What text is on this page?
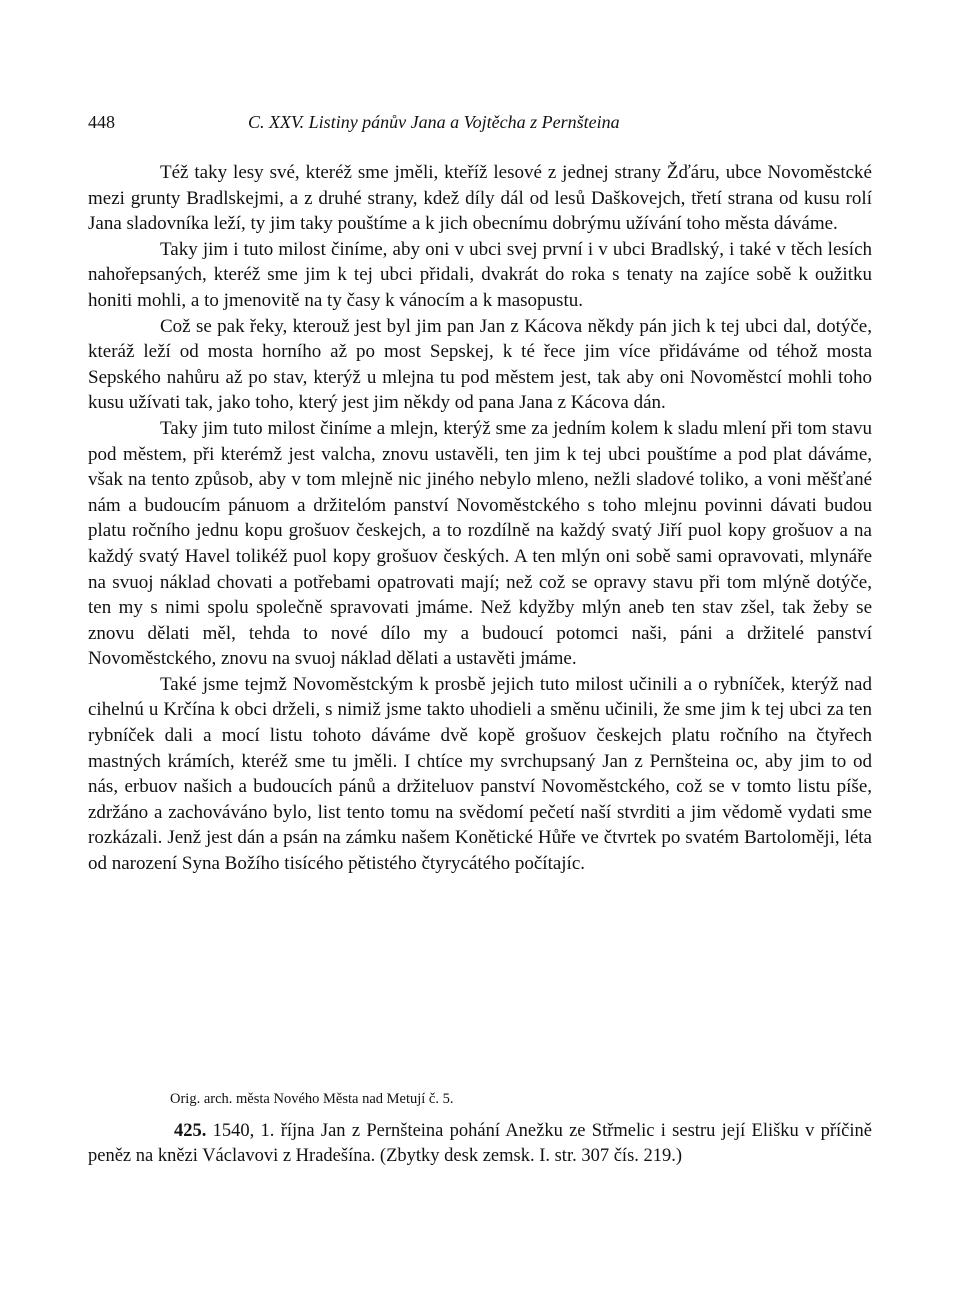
448	C. XXV. Listiny pánův Jana a Vojtěcha z Pernšteina

Též taky lesy své, kteréž sme jměli, kteříž lesové z jednej strany Žďáru, ubce Novoměstcké mezi grunty Bradlskejmi, a z druhé strany, kdež díly dál od lesů Daškovejch, třetí strana od kusu rolí Jana sladovníka leží, ty jim taky pouštíme a k jich obecnímu dobrýmu užívání toho města dáváme.

Taky jim i tuto milost činíme, aby oni v ubci svej první i v ubci Bradlský, i také v těch lesích nahořepsaných, kteréž sme jim k tej ubci přidali, dvakrát do roka s tenaty na zajíce sobě k oužitku honiti mohli, a to jmenovitě na ty časy k vánocím a k masopustu.

Což se pak řeky, kterouž jest byl jim pan Jan z Kácova někdy pán jich k tej ubci dal, dotýče, kteráž leží od mosta horního až po most Sepskej, k té řece jim více přidáváme od téhož mosta Sepského nahůru až po stav, kterýž u mlejna tu pod městem jest, tak aby oni Novoměstcí mohli toho kusu užívati tak, jako toho, který jest jim někdy od pana Jana z Kácova dán.

Taky jim tuto milost činíme a mlejn, kterýž sme za jedním kolem k sladu mlení při tom stavu pod městem, při kterémž jest valcha, znovu ustavěli, ten jim k tej ubci pouštíme a pod plat dáváme, však na tento způsob, aby v tom mlejně nic jiného nebylo mleno, nežli sladové toliko, a voni měšťané nám a budoucím pánuom a držitelóm panství Novoměstckého s toho mlejnu povinni dávati budou platu ročního jednu kopu grošuov českejch, a to rozdílně na každý svatý Jiří puol kopy grošuov a na každý svatý Havel tolikéž puol kopy grošuov českých. A ten mlýn oni sobě sami opravovati, mlynáře na svuoj náklad chovati a potřebami opatrovati mají; než což se opravy stavu při tom mlýně dotýče, ten my s nimi spolu společně spravovati jmáme. Než kdyžby mlýn aneb ten stav zšel, tak žeby se znovu dělati měl, tehda to nové dílo my a budoucí potomci naši, páni a držitelé panství Novoměstckého, znovu na svuoj náklad dělati a ustavěti jmáme.

Také jsme tejmž Novoměstckým k prosbě jejich tuto milost učinili a o rybníček, kterýž nad cihelnú u Krčína k obci drželi, s nimiž jsme takto uhodieli a směnu učinili, že sme jim k tej ubci za ten rybníček dali a mocí listu tohoto dáváme dvě kopě grošuov českejch platu ročního na čtyřech mastných krámích, kteréž sme tu jměli. I chtíce my svrchupsaný Jan z Pernšteina oc, aby jim to od nás, erbuov našich a budoucích pánů a držiteluov panství Novoměstckého, což se v tomto listu píše, zdržáno a zachováváno bylo, list tento tomu na svědomí pečetí naší stvrditi a jim vědomě vydati sme rozkázali. Jenž jest dán a psán na zámku našem Konětické Hůře ve čtvrtek po svatém Bartoloměji, léta od narození Syna Božího tisícého pětistého čtyrycátého počítajíc.

Orig. arch. města Nového Města nad Metují č. 5.
425. 1540, 1. října Jan z Pernšteina pohání Anežku ze Střmelic i sestru její Elišku v příčině peněz na knězi Václavovi z Hradešína. (Zbytky desk zemsk. I. str. 307 čís. 219.)
